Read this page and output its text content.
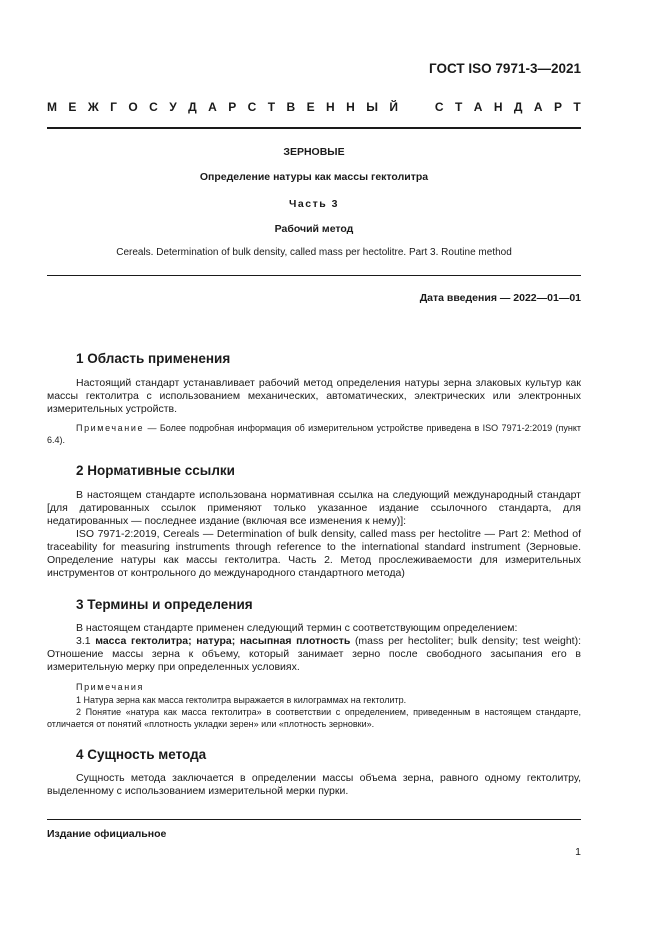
ГОСТ ISO 7971-3—2021
М Е Ж Г О С У Д А Р С Т В Е Н Н Ы Й	С Т А Н Д А Р Т
ЗЕРНОВЫЕ
Определение натуры как массы гектолитра
Часть 3
Рабочий метод
Cereals. Determination of bulk density, called mass per hectolitre. Part 3. Routine method
Дата введения — 2022—01—01
1 Область применения
Настоящий стандарт устанавливает рабочий метод определения натуры зерна злаковых культур как массы гектолитра с использованием механических, автоматических, электрических или электронных измерительных устройств.
Примечание — Более подробная информация об измерительном устройстве приведена в ISO 7971-2:2019 (пункт 6.4).
2 Нормативные ссылки
В настоящем стандарте использована нормативная ссылка на следующий международный стандарт [для датированных ссылок применяют только указанное издание ссылочного стандарта, для недатированных — последнее издание (включая все изменения к нему)]:
ISO 7971-2:2019, Cereals — Determination of bulk density, called mass per hectolitre — Part 2: Method of traceability for measuring instruments through reference to the international standard instrument (Зерновые. Определение натуры как массы гектолитра. Часть 2. Метод прослеживаемости для измерительных инструментов от контрольного до международного стандартного метода)
3 Термины и определения
В настоящем стандарте применен следующий термин с соответствующим определением:
3.1 масса гектолитра; натура; насыпная плотность (mass per hectoliter; bulk density; test weight): Отношение массы зерна к объему, который занимает зерно после свободного засыпания его в измерительную мерку при определенных условиях.
Примечания
1 Натура зерна как масса гектолитра выражается в килограммах на гектолитр.
2 Понятие «натура как масса гектолитра» в соответствии с определением, приведенным в настоящем стандарте, отличается от понятий «плотность укладки зерен» или «плотность зерновки».
4 Сущность метода
Сущность метода заключается в определении массы объема зерна, равного одному гектолитру, выделенному с использованием измерительной мерки пурки.
Издание официальное
1
